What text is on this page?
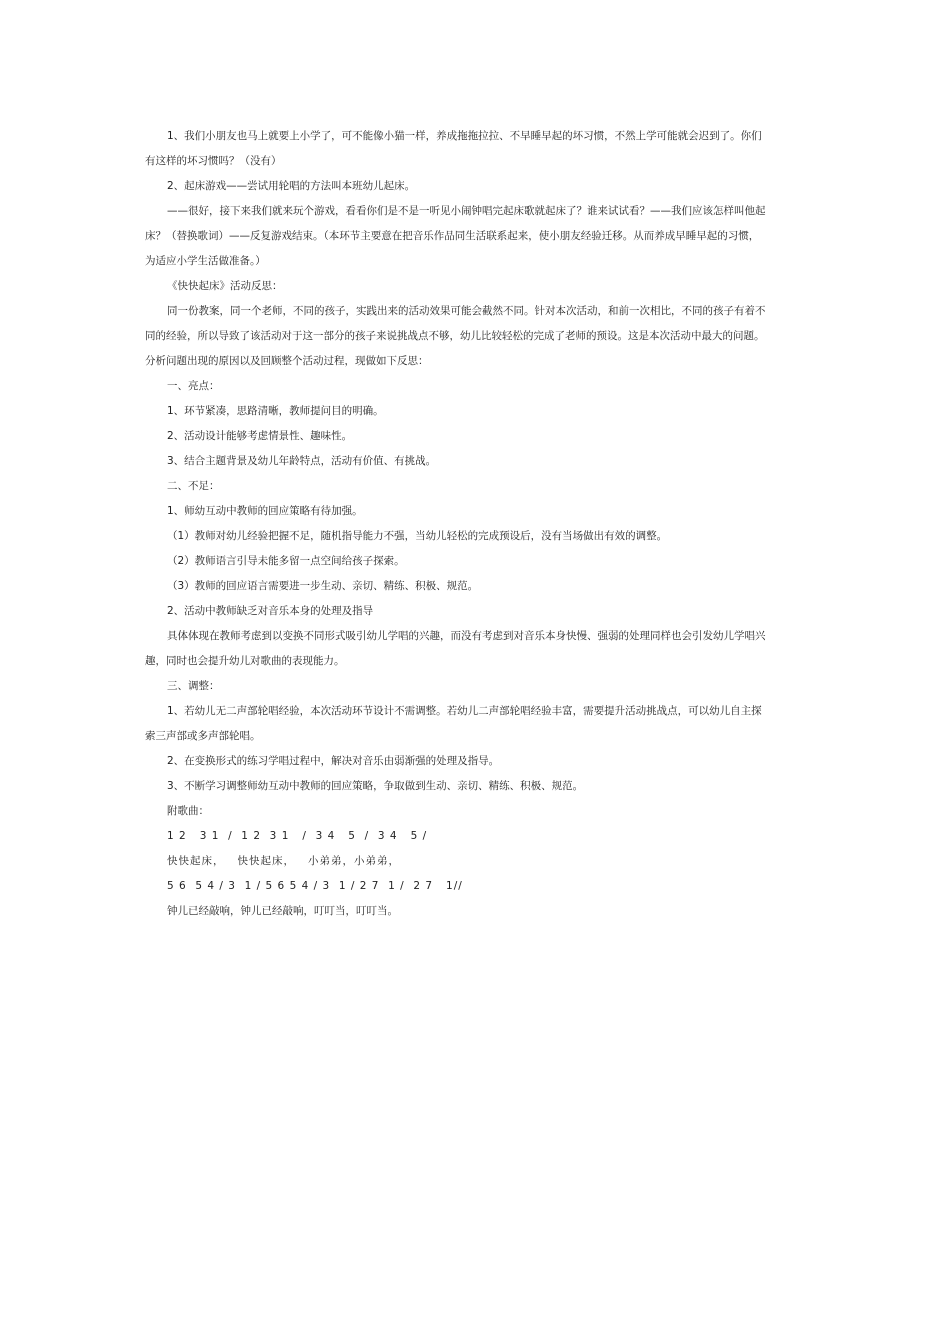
1、我们小朋友也马上就要上小学了，可不能像小猫一样，养成拖拖拉拉、不早睡早起的坏习惯，不然上学可能就会迟到了。你们
有这样的坏习惯吗？（没有）
2、起床游戏——尝试用轮唱的方法叫本班幼儿起床。
——很好，接下来我们就来玩个游戏，看看你们是不是一听见小闹钟唱完起床歌就起床了？谁来试试看？——我们应该怎样叫他起
床？（替换歌词）——反复游戏结束。（本环节主要意在把音乐作品同生活联系起来，使小朋友经验迁移。从而养成早睡早起的习惯，
为适应小学生活做准备。）
《快快起床》活动反思：
同一份教案，同一个老师，不同的孩子，实践出来的活动效果可能会截然不同。针对本次活动，和前一次相比，不同的孩子有着不
同的经验，所以导致了该活动对于这一部分的孩子来说挑战点不够，幼儿比较轻松的完成了老师的预设。这是本次活动中最大的问题。
分析问题出现的原因以及回顾整个活动过程，现做如下反思：
一、亮点：
1、环节紧凑，思路清晰，教师提问目的明确。
2、活动设计能够考虑情景性、趣味性。
3、结合主题背景及幼儿年龄特点，活动有价值、有挑战。
二、不足：
1、师幼互动中教师的回应策略有待加强。
（1）教师对幼儿经验把握不足，随机指导能力不强，当幼儿轻松的完成预设后，没有当场做出有效的调整。
（2）教师语言引导未能多留一点空间给孩子探索。
（3）教师的回应语言需要进一步生动、亲切、精练、积极、规范。
2、活动中教师缺乏对音乐本身的处理及指导
具体体现在教师考虑到以变换不同形式吸引幼儿学唱的兴趣，而没有考虑到对音乐本身快慢、强弱的处理同样也会引发幼儿学唱兴
趣，同时也会提升幼儿对歌曲的表现能力。
三、调整：
1、若幼儿无二声部轮唱经验，本次活动环节设计不需调整。若幼儿二声部轮唱经验丰富，需要提升活动挑战点，可以幼儿自主探
索三声部或多声部轮唱。
2、在变换形式的练习学唱过程中，解决对音乐由弱渐强的处理及指导。
3、不断学习调整师幼互动中教师的回应策略，争取做到生动、亲切、精练、积极、规范。
附歌曲：
1 2   3 1  /  1 2  3 1   /  3 4   5  /  3 4   5 /
快快起床，   快快起床，   小弟弟，小弟弟，
5 6  5 4 / 3  1 / 5 6 5 4 / 3  1 / 2 7  1 /  2 7   1//
钟儿已经敲响，钟儿已经敲响，叮叮当，叮叮当。
